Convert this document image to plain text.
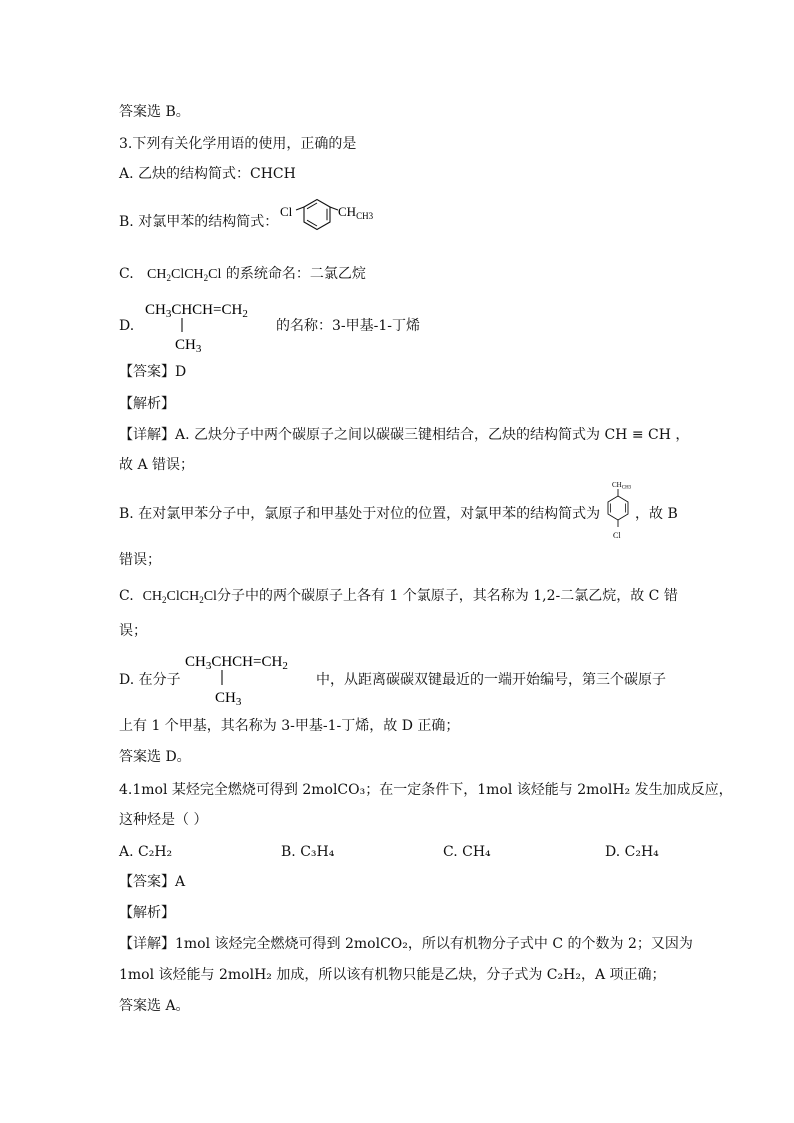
答案选 B。
3.下列有关化学用语的使用，正确的是
A. 乙炔的结构简式：CHCH
B. 对氯甲苯的结构简式：
Cl	$CH_{CH3}$
C. $CH_2ClCH_2Cl$ 的系统命名：二氯乙烷
D.
$CH_3CHCH=CH_2$
$CH_3$
的名称：3-甲基-1-丁烯
【答案】D
【解析】
【详解】A. 乙炔分子中两个碳原子之间以碳碳三键相结合，乙炔的结构简式为 CH ≡ CH ，
故 A 错误；
B. 在对氯甲苯分子中，氯原子和甲基处于对位的位置，对氯甲苯的结构简式为
$CH_{CH3}$
Cl
，故 B
错误；
C. $CH_2ClCH_2Cl$分子中的两个碳原子上各有 1 个氯原子，其名称为 1,2-二氯乙烷，故 C 错
误；
D. 在分子
$CH_3CHCH=CH_2$
$CH_3$
中，从距离碳碳双键最近的一端开始编号，第三个碳原子
上有 1 个甲基，其名称为 3-甲基-1-丁烯，故 D 正确；
答案选 D。
4.1mol 某烃完全燃烧可得到 2molCO₃；在一定条件下，1mol 该烃能与 2molH₂ 发生加成反应，
这种烃是（ ）
A. C₂H₂	B. C₃H₄	C. CH₄	D. C₂H₄
【答案】A
【解析】
【详解】1mol 该烃完全燃烧可得到 2molCO₂，所以有机物分子式中 C 的个数为 2；又因为
1mol 该烃能与 2molH₂ 加成，所以该有机物只能是乙炔，分子式为 C₂H₂，A 项正确；
答案选 A。
